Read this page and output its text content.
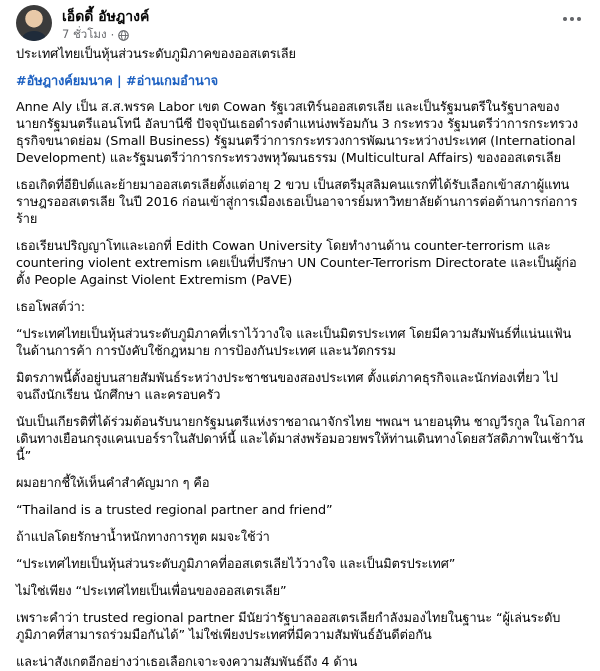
เอ็ดดี้ อัษฎางค์
7 ชั่วโมง ·

ประเทศไทยเป็นหุ้นส่วนระดับภูมิภาคของออสเตรเลีย

#อัษฎางค์ยมนาค | #อ่านเกมอำนาจ

Anne Aly เป็น ส.ส.พรรค Labor เขต Cowan รัฐเวสเทิร์นออสเตรเลีย และเป็นรัฐมนตรีในรัฐบาลของนายกรัฐมนตรีแอนโทนี อัลบานีซี ปัจจุบันเธอดำรงตำแหน่งพร้อมกัน 3 กระทรวง รัฐมนตรีว่าการกระทรวงธุรกิจขนาดย่อม (Small Business) รัฐมนตรีว่าการกระทรวงการพัฒนาระหว่างประเทศ (International Development) และรัฐมนตรีว่าการกระทรวงพหุวัฒนธรรม (Multicultural Affairs) ของออสเตรเลีย

เธอเกิดที่อียิปต์และย้ายมาออสเตรเลียตั้งแต่อายุ 2 ขวบ เป็นสตรีมุสลิมคนแรกที่ได้รับเลือกเข้าสภาผู้แทนราษฎรออสเตรเลีย ในปี 2016 ก่อนเข้าสู่การเมืองเธอเป็นอาจารย์มหาวิทยาลัยด้านการต่อต้านการก่อการร้าย

เธอเรียนปริญญาโทและเอกที่ Edith Cowan University โดยทำงานด้าน counter-terrorism และ countering violent extremism เคยเป็นที่ปรึกษา UN Counter-Terrorism Directorate และเป็นผู้ก่อตั้ง People Against Violent Extremism (PaVE)

เธอโพสต์ว่า:

“ประเทศไทยเป็นหุ้นส่วนระดับภูมิภาคที่เราไว้วางใจ และเป็นมิตรประเทศ โดยมีความสัมพันธ์ที่แน่นแฟ้นในด้านการค้า การบังคับใช้กฎหมาย การป้องกันประเทศ และนวัตกรรม

มิตรภาพนี้ตั้งอยู่บนสายสัมพันธ์ระหว่างประชาชนของสองประเทศ ตั้งแต่ภาคธุรกิจและนักท่องเที่ยว ไปจนถึงนักเรียน นักศึกษา และครอบครัว

นับเป็นเกียรติที่ได้ร่วมต้อนรับนายกรัฐมนตรีแห่งราชอาณาจักรไทย ฯพณฯ นายอนุทิน ชาญวีรกูล ในโอกาสเดินทางเยือนกรุงแคนเบอร์ราในสัปดาห์นี้ และได้มาส่งพร้อมอวยพรให้ท่านเดินทางโดยสวัสดิภาพในเช้าวันนี้”

ผมอยากชี้ให้เห็นคำสำคัญมาก ๆ คือ

“Thailand is a trusted regional partner and friend”

ถ้าแปลโดยรักษาน้ำหนักทางการทูต ผมจะใช้ว่า

“ประเทศไทยเป็นหุ้นส่วนระดับภูมิภาคที่ออสเตรเลียไว้วางใจ และเป็นมิตรประเทศ”

ไม่ใช่เพียง “ประเทศไทยเป็นเพื่อนของออสเตรเลีย”

เพราะคำว่า trusted regional partner มีนัยว่ารัฐบาลออสเตรเลียกำลังมองไทยในฐานะ “ผู้เล่นระดับภูมิภาคที่สามารถร่วมมือกันได้” ไม่ใช่เพียงประเทศที่มีความสัมพันธ์อันดีต่อกัน

และน่าสังเกตอีกอย่างว่าเธอเลือกเจาะจงความสัมพันธ์ถึง 4 ด้าน
